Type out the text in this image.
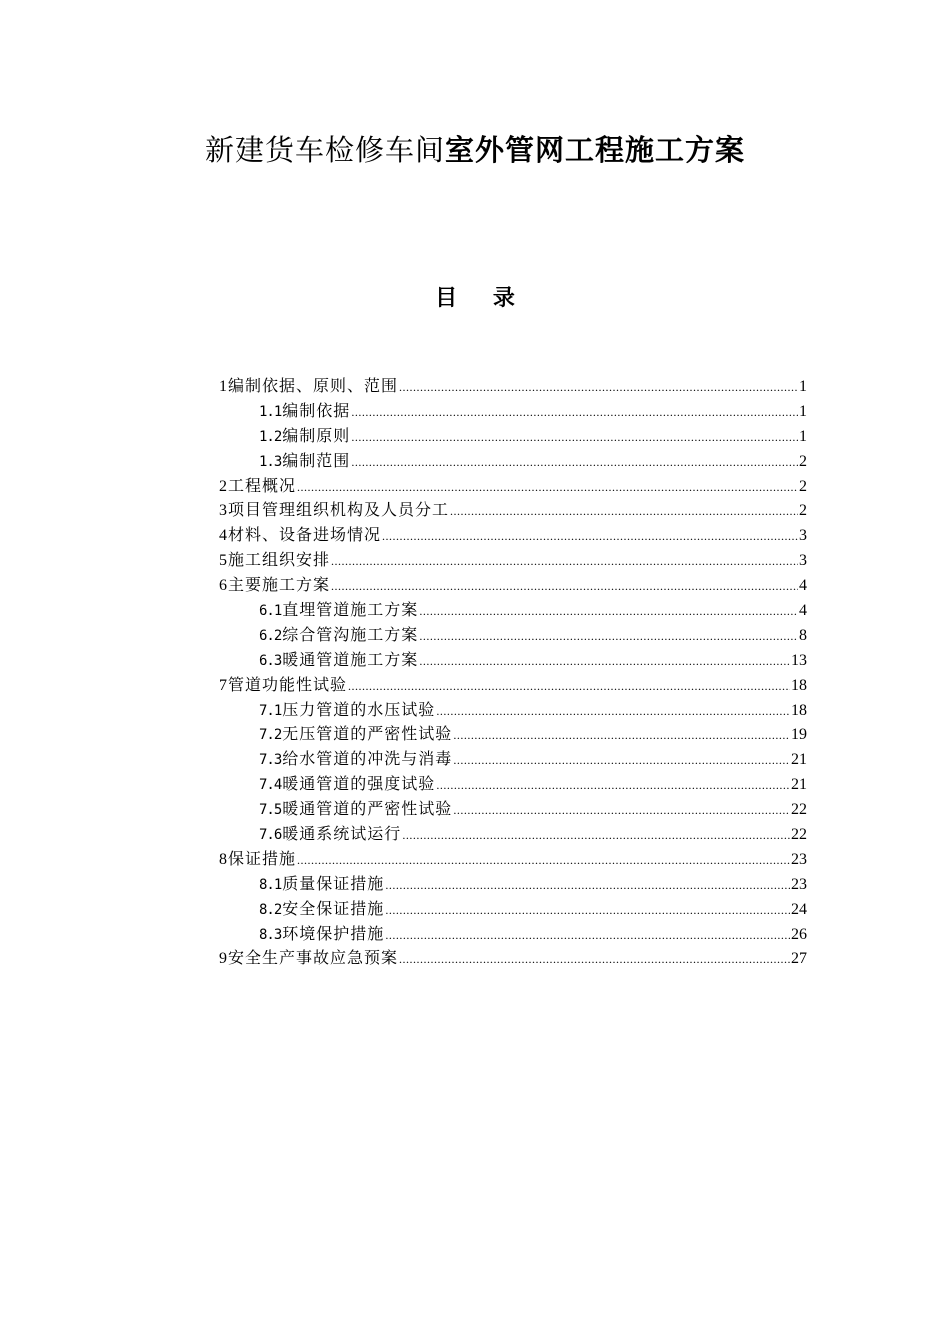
新建货车检修车间室外管网工程施工方案
目 录
1 编制依据、原则、范围 .....	1
1.1 编制依据 .....	1
1.2 编制原则 .....	1
1.3 编制范围 .....	2
2 工程概况 .....	2
3 项目管理组织机构及人员分工 .....	2
4 材料、设备进场情况 .....	3
5 施工组织安排 .....	3
6 主要施工方案 .....	4
6.1 直埋管道施工方案 .....	4
6.2 综合管沟施工方案 .....	8
6.3 暖通管道施工方案 .....	13
7 管道功能性试验 .....	18
7.1 压力管道的水压试验 .....	18
7.2 无压管道的严密性试验 .....	19
7.3 给水管道的冲洗与消毒 .....	21
7.4 暖通管道的强度试验 .....	21
7.5 暖通管道的严密性试验 .....	22
7.6 暖通系统试运行 .....	22
8 保证措施 .....	23
8.1 质量保证措施 .....	23
8.2 安全保证措施 .....	24
8.3 环境保护措施 .....	26
9 安全生产事故应急预案 .....	27
